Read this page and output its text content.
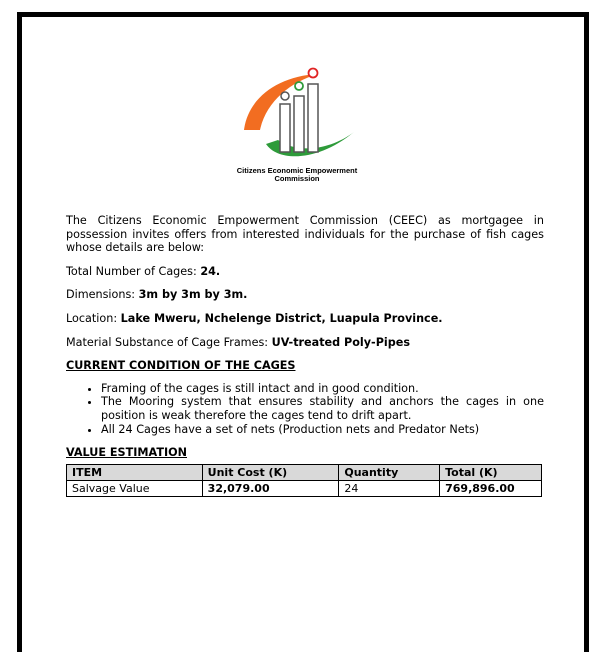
Citizens Economic Empowerment Commission

The Citizens Economic Empowerment Commission (CEEC) as mortgagee in possession invites offers from interested individuals for the purchase of fish cages whose details are below:

Total Number of Cages: 24.

Dimensions: 3m by 3m by 3m.

Location: Lake Mweru, Nchelenge District, Luapula Province.

Material Substance of Cage Frames: UV-treated Poly-Pipes

CURRENT CONDITION OF THE CAGES

• Framing of the cages is still intact and in good condition.
• The Mooring system that ensures stability and anchors the cages in one position is weak therefore the cages tend to drift apart.
• All 24 Cages have a set of nets (Production nets and Predator Nets)

VALUE ESTIMATION

ITEM	Unit Cost (K)	Quantity	Total (K)
Salvage Value	32,079.00	24	769,896.00
